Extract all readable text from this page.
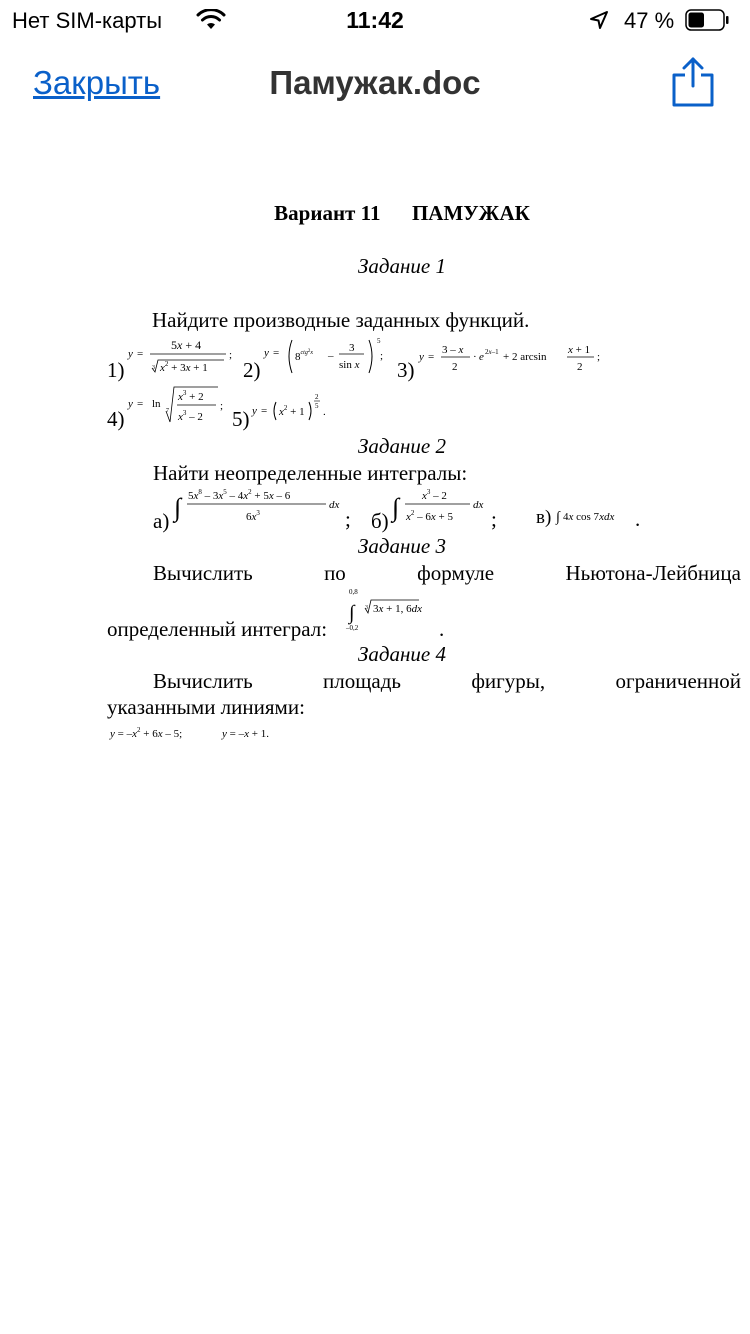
Нет SIM-карты	11:42	47 %
Закрыть	Памужак.doc
Вариант 11      ПАМУЖАК
Задание 1
Найдите производные заданных функций.
1)
y =
5x + 4
3 $x^2 + 3x + 1$
;
2)
$y = 8^{ctg}2x$ –
3
sin x
5
;
3)
y =
3 – x
2
· e 2x–1 + 2 arcsin
x + 1
2
;
4)
y = ln
7
$x^3 + 2$
$x^3 - 2$
;
5) $y = x^2 + 1$
2
5 .
Задание 2
Найти неопределенные интегралы:
а) ∫ $5x^8 - 3x^5 - 4x^2 + 5x - 6$
$6x^3$
dx
; б) ∫ $x^3 - 2$
$x^2 - 6x + 5$
dx
; в) ∫ 4x cos 7xdx .
Задание 3
Вычислить	по	формуле	Ньютона-Лейбница
определенный интеграл:
0,8
∫
–0,2
3 3x + 1, 6dx
.
Задание 4
Вычислить	площадь	фигуры,	ограниченной
указанными линиями:
$y = -x^2 + 6x - 5$;	y = –x + 1.
